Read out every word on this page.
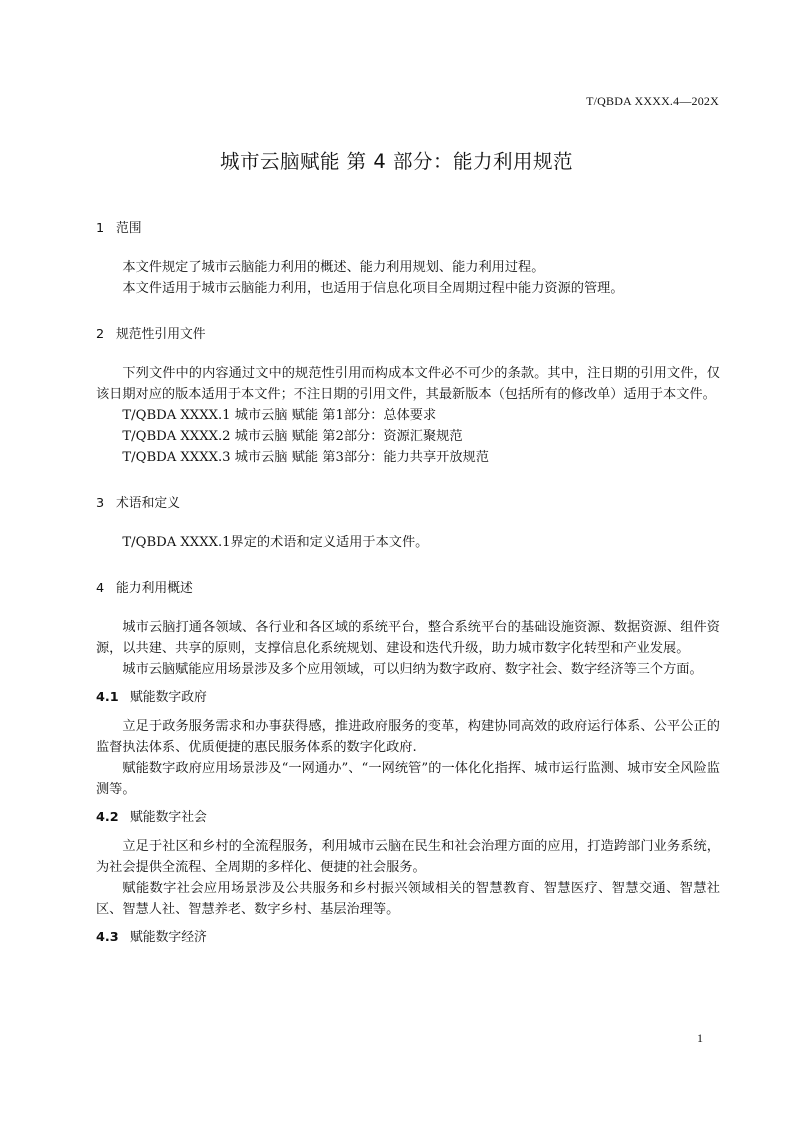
T/QBDA XXXX.4—202X
城市云脑赋能 第 4 部分：能力利用规范
1 范围

本文件规定了城市云脑能力利用的概述、能力利用规划、能力利用过程。

本文件适用于城市云脑能力利用，也适用于信息化项目全周期过程中能力资源的管理。

2 规范性引用文件

下列文件中的内容通过文中的规范性引用而构成本文件必不可少的条款。其中，注日期的引用文件，仅该日期对应的版本适用于本文件；不注日期的引用文件，其最新版本（包括所有的修改单）适用于本文件。

T/QBDA XXXX.1 城市云脑 赋能 第1部分：总体要求

T/QBDA XXXX.2 城市云脑 赋能 第2部分：资源汇聚规范

T/QBDA XXXX.3 城市云脑 赋能 第3部分：能力共享开放规范

3 术语和定义

T/QBDA XXXX.1界定的术语和定义适用于本文件。

4 能力利用概述

城市云脑打通各领域、各行业和各区域的系统平台，整合系统平台的基础设施资源、数据资源、组件资源，以共建、共享的原则，支撑信息化系统规划、建设和迭代升级，助力城市数字化转型和产业发展。

城市云脑赋能应用场景涉及多个应用领域，可以归纳为数字政府、数字社会、数字经济等三个方面。

4.1 赋能数字政府

立足于政务服务需求和办事获得感，推进政府服务的变革，构建协同高效的政府运行体系、公平公正的监督执法体系、优质便捷的惠民服务体系的数字化政府.

赋能数字政府应用场景涉及“一网通办”、“一网统管”的一体化化指挥、城市运行监测、城市安全风险监测等。

4.2 赋能数字社会

立足于社区和乡村的全流程服务，利用城市云脑在民生和社会治理方面的应用，打造跨部门业务系统，为社会提供全流程、全周期的多样化、便捷的社会服务。

赋能数字社会应用场景涉及公共服务和乡村振兴领域相关的智慧教育、智慧医疗、智慧交通、智慧社区、智慧人社、智慧养老、数字乡村、基层治理等。

4.3 赋能数字经济
1
